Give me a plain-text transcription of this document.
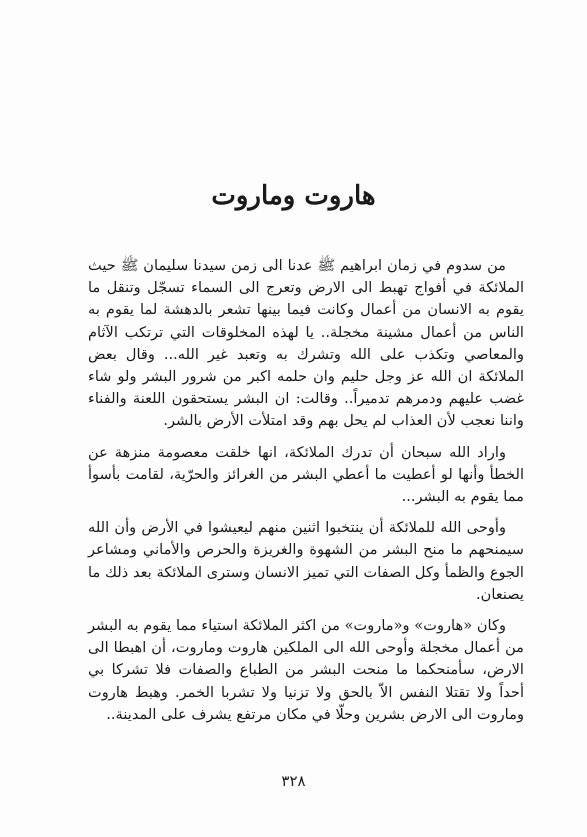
هاروت وماروت

من سدوم في زمان ابراهيم ﷺ عدنا الى زمن سيدنا سليمان ﷺ حيث الملائكة في أفواج تهبط الى الارض وتعرج الى السماء تسجّل وتنقل ما يقوم به الانسان من أعمال وكانت فيما بينها تشعر بالدهشة لما يقوم به الناس من أعمال مشينة مخجلة.. يا لهذه المخلوقات التي ترتكب الآثام والمعاصي وتكذب على الله وتشرك به وتعبد غير الله... وقال بعض الملائكة ان الله عز وجل حليم وان حلمه اكبر من شرور البشر ولو شاء غضب عليهم ودمرهم تدميراً.. وقالت: ان البشر يستحقون اللعنة والفناء واننا نعجب لأن العذاب لم يحل بهم وقد امتلأت الأرض بالشر.

واراد الله سبحان أن تدرك الملائكة، انها خلقت معصومة منزهة عن الخطأ وأنها لو أعطيت ما أعطي البشر من الغرائز والحرّية، لقامت بأسوأ مما يقوم به البشر...

وأوحى الله للملائكة أن ينتخبوا اثنين منهم ليعيشوا في الأرض وأن الله سيمنحهم ما منح البشر من الشهوة والغريزة والحرص والأماني ومشاعر الجوع والظمأ وكل الصفات التي تميز الانسان وسترى الملائكة بعد ذلك ما يصنعان.

وكان «هاروت» و«ماروت» من اكثر الملائكة استياء مما يقوم به البشر من أعمال مخجلة وأوحى الله الى الملكين هاروت وماروت، أن اهبطا الى الارض، سأمنحكما ما منحت البشر من الطباع والصفات فلا تشركا بي أحداً ولا تقتلا النفس الاّ بالحق ولا تزنيا ولا تشربا الخمر. وهبط هاروت وماروت الى الارض بشرين وحلّا في مكان مرتفع يشرف على المدينة..

٣٢٨
